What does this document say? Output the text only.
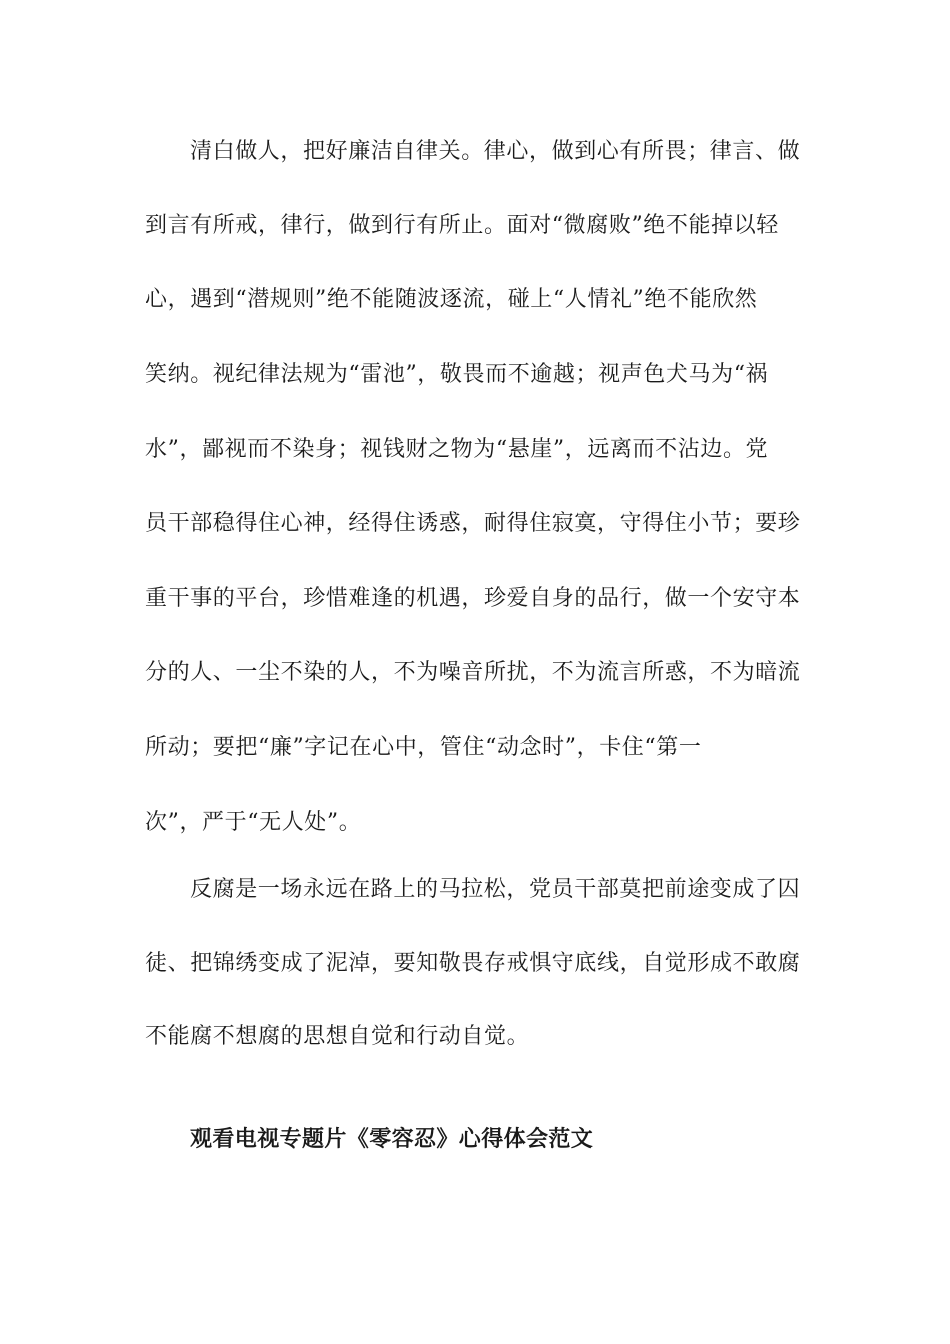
清白做人，把好廉洁自律关。律心，做到心有所畏；律言、做
到言有所戒，律行，做到行有所止。面对“微腐败”绝不能掉以轻
心，遇到“潜规则”绝不能随波逐流，碰上“人情礼”绝不能欣然
笑纳。视纪律法规为“雷池”，敬畏而不逾越；视声色犬马为“祸
水”，鄙视而不染身；视钱财之物为“悬崖”，远离而不沾边。党
员干部稳得住心神，经得住诱惑，耐得住寂寞，守得住小节；要珍
重干事的平台，珍惜难逢的机遇，珍爱自身的品行，做一个安守本
分的人、一尘不染的人，不为噪音所扰，不为流言所惑，不为暗流
所动；要把“廉”字记在心中，管住“动念时”，卡住“第一
次”，严于“无人处”。
反腐是一场永远在路上的马拉松，党员干部莫把前途变成了囚
徒、把锦绣变成了泥淖，要知敬畏存戒惧守底线，自觉形成不敢腐
不能腐不想腐的思想自觉和行动自觉。
观看电视专题片《零容忍》心得体会范文
